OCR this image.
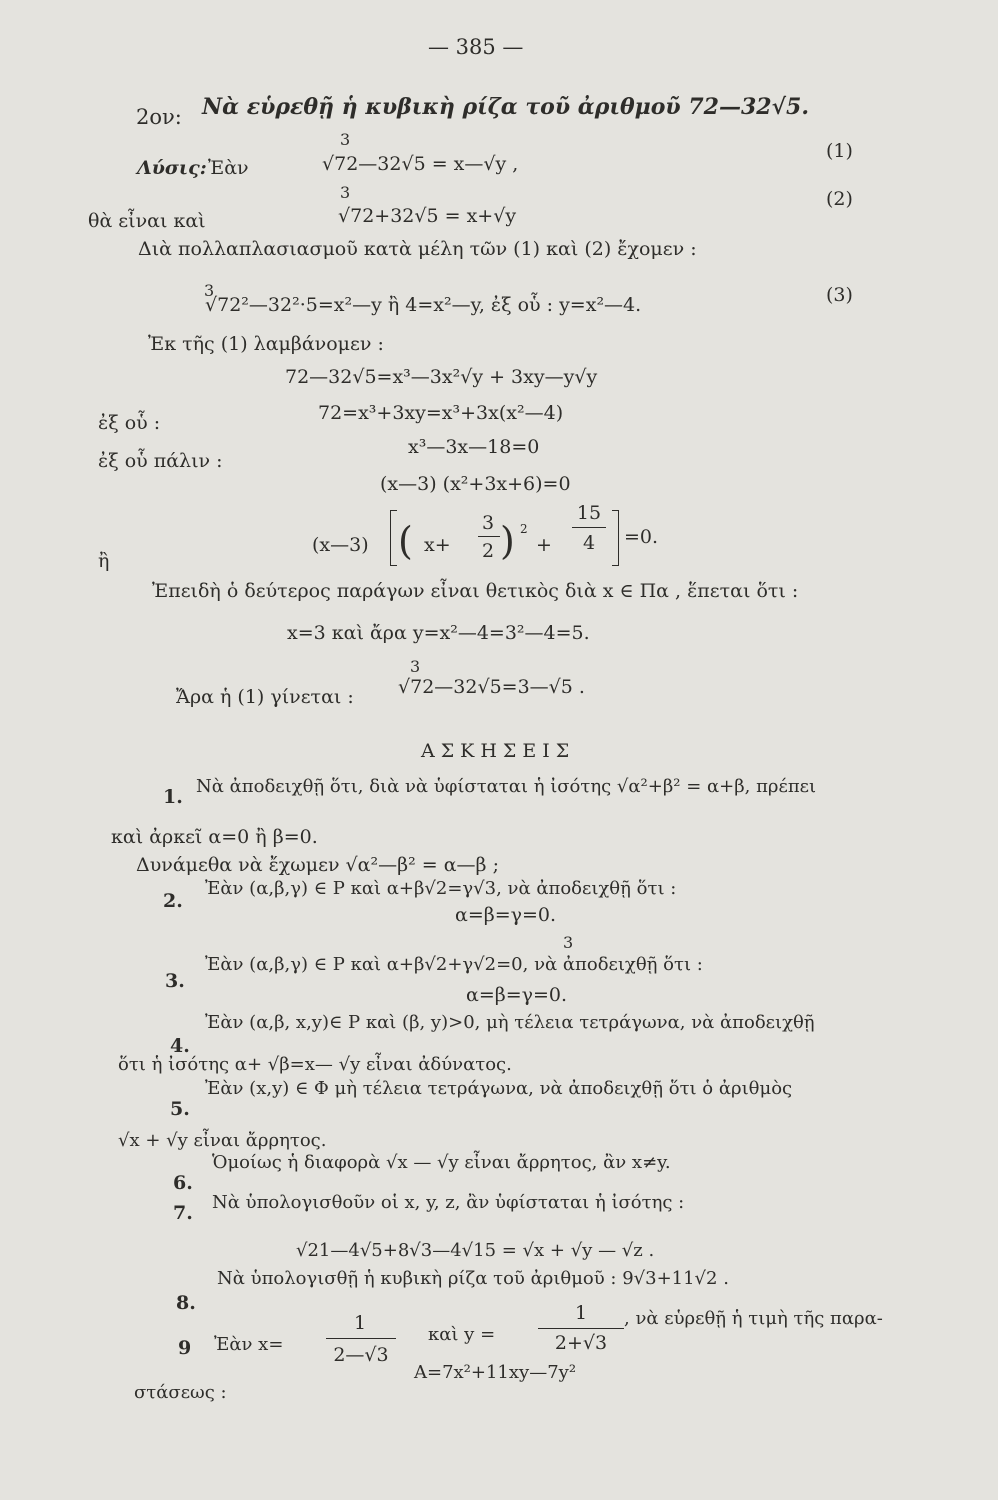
— 385 —
2ον: Νὰ εὑρεθῇ ἡ κυβικὴ ρίζα τοῦ ἀριθμοῦ 72—32√5.
Λύσις: Ἐὰν
3
√72—32√5 = x—√y ,
(1)
θὰ εἶναι καὶ
3
√72+32√5 = x+√y
(2)
Διὰ πολλαπλασιασμοῦ κατὰ μέλη τῶν (1) καὶ (2) ἔχομεν :
3
√72²—32²·5=x²—y ἢ 4=x²—y, ἐξ οὗ : y=x²—4.	(3)
Ἐκ τῆς (1) λαμβάνομεν :
72—32√5=x³—3x²√y + 3xy—y√y
ἐξ οὗ :	72=x³+3xy=x³+3x(x²—4)
ἐξ οὗ πάλιν :
x³—3x—18=0
(x—3) (x²+3x+6)=0
ἢ
(x—3) ( x+
3
2 ) 2
+
15
4	=0.
Ἐπειδὴ ὁ δεύτερος παράγων εἶναι θετικὸς διὰ x ∈ Πα , ἕπεται ὅτι :
x=3 καὶ ἄρα y=x²—4=3²—4=5.
Ἄρα ἡ (1) γίνεται :
3
√72—32√5=3—√5 .
ΑΣΚΗΣΕΙΣ
1. Νὰ ἀποδειχθῇ ὅτι, διὰ νὰ ὑφίσταται ἡ ἰσότης √α²+β² = α+β, πρέπει
καὶ ἀρκεῖ α=0 ἢ β=0.
Δυνάμεθα νὰ ἔχωμεν √α²—β² = α—β ;
2.
Ἐὰν (α,β,γ) ∈ Ρ καὶ α+β√2=γ√3, νὰ ἀποδειχθῇ ὅτι :
α=β=γ=0.
3
3.
Ἐὰν (α,β,γ) ∈ Ρ καὶ α+β√2+γ√2=0, νὰ ἀποδειχθῇ ὅτι :
α=β=γ=0.
4.
Ἐὰν (α,β, x,y)∈ Ρ καὶ (β, y)>0, μὴ τέλεια τετράγωνα, νὰ ἀποδειχθῇ
ὅτι ἡ ἰσότης α+ √β=x— √y εἶναι ἀδύνατος.
5.
Ἐὰν (x,y) ∈ Φ μὴ τέλεια τετράγωνα, νὰ ἀποδειχθῇ ὅτι ὁ ἀριθμὸς
√x + √y εἶναι ἄρρητος.
6.
Ὁμοίως ἡ διαφορὰ √x — √y εἶναι ἄρρητος, ἂν x≠y.
7. Νὰ ὑπολογισθοῦν οἱ x, y, z, ἂν ὑφίσταται ἡ ἰσότης :
√21—4√5+8√3—4√15 = √x + √y — √z .
8.
Νὰ ὑπολογισθῇ ἡ κυβικὴ ρίζα τοῦ ἀριθμοῦ : 9√3+11√2 .
9 Ἐὰν x=
1
2—√3
καὶ y =
1
2+√3
, νὰ εὑρεθῇ ἡ τιμὴ τῆς παρα-
στάσεως :
A=7x²+11xy—7y²
